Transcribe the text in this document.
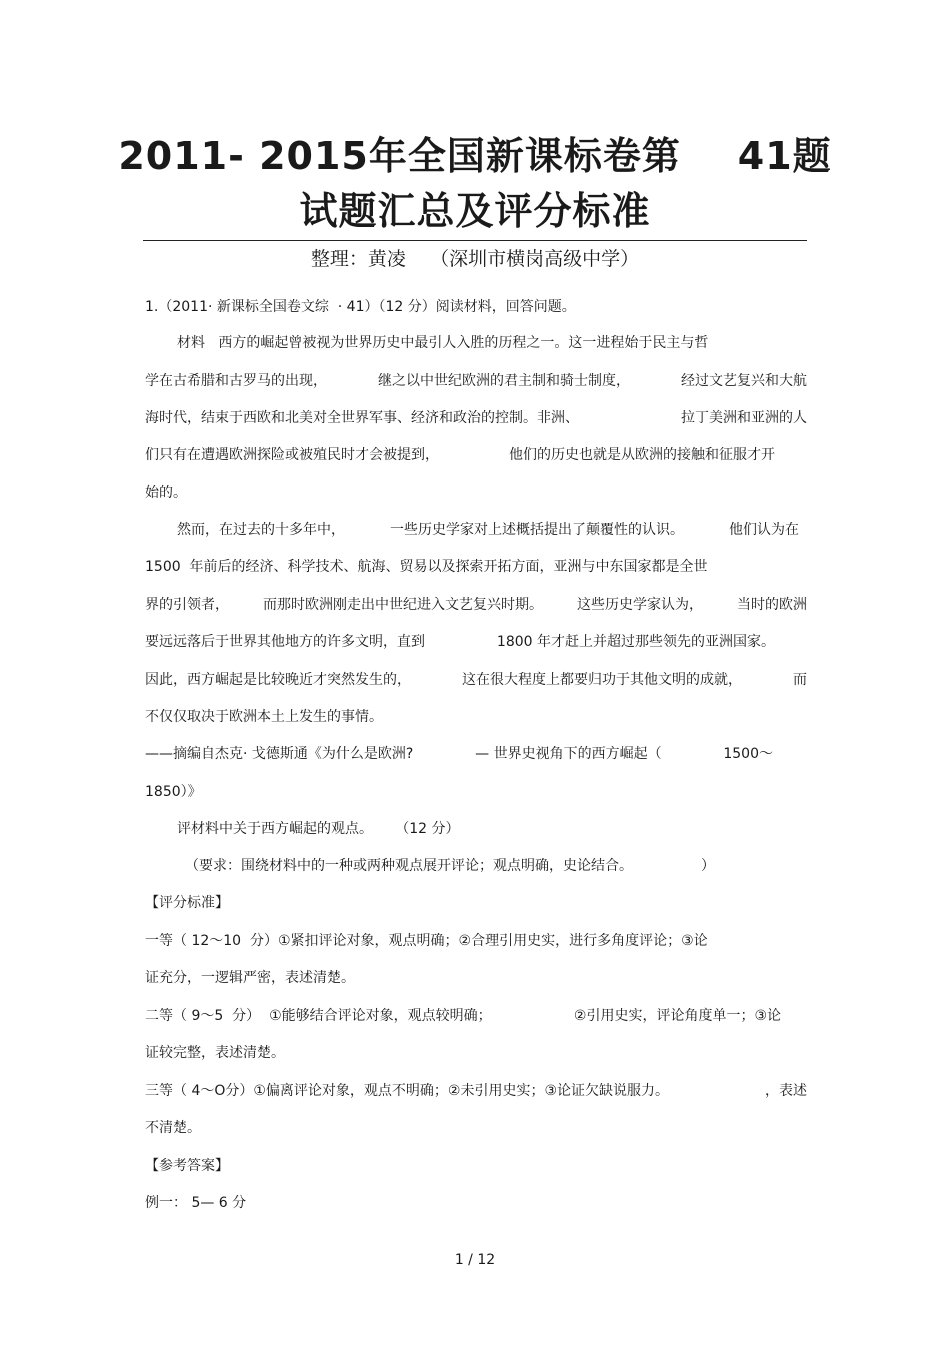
2011- 2015年全国新课标卷第    41题
试题汇总及评分标准
整理：黄凌    （深圳市横岗高级中学）
1.（2011· 新课标全国卷文综  · 41）（12 分）阅读材料，回答问题。
材料   西方的崛起曾被视为世界历史中最引人入胜的历程之一。这一进程始于民主与哲
学在古希腊和古罗马的出现，	继之以中世纪欧洲的君主制和骑士制度，	经过文艺复兴和大航
海时代，结束于西欧和北美对全世界军事、经济和政治的控制。非洲、	拉丁美洲和亚洲的人
们只有在遭遇欧洲探险或被殖民时才会被提到，	他们的历史也就是从欧洲的接触和征服才开
始的。
然而，在过去的十多年中，	一些历史学家对上述概括提出了颠覆性的认识。	他们认为在
1500  年前后的经济、科学技术、航海、贸易以及探索开拓方面，亚洲与中东国家都是全世
界的引领者， 而那时欧洲刚走出中世纪进入文艺复兴时期。 这些历史学家认为， 当时的欧洲
要远远落后于世界其他地方的许多文明，直到	1800 年才赶上并超过那些领先的亚洲国家。
因此，西方崛起是比较晚近才突然发生的，	这在很大程度上都要归功于其他文明的成就，	而
不仅仅取决于欧洲本土上发生的事情。
——摘编自杰克· 戈德斯通《为什么是欧洲?	— 世界史视角下的西方崛起（	1500～
1850）》
评材料中关于西方崛起的观点。     （12 分）
（要求：围绕材料中的一种或两种观点展开评论；观点明确，史论结合。	）
【评分标准】
一等（ 12～10  分）①紧扣评论对象，观点明确；②合理引用史实，进行多角度评论；③论
证充分，一逻辑严密，表述清楚。
二等（ 9～5  分）  ①能够结合评论对象，观点较明确；	②引用史实，评论角度单一；③论
证较完整，表述清楚。
三等（ 4～O分）①偏离评论对象，观点不明确；②未引用史实；③论证欠缺说服力。	，表述
不清楚。
【参考答案】
例一： 5— 6 分
1 / 12
